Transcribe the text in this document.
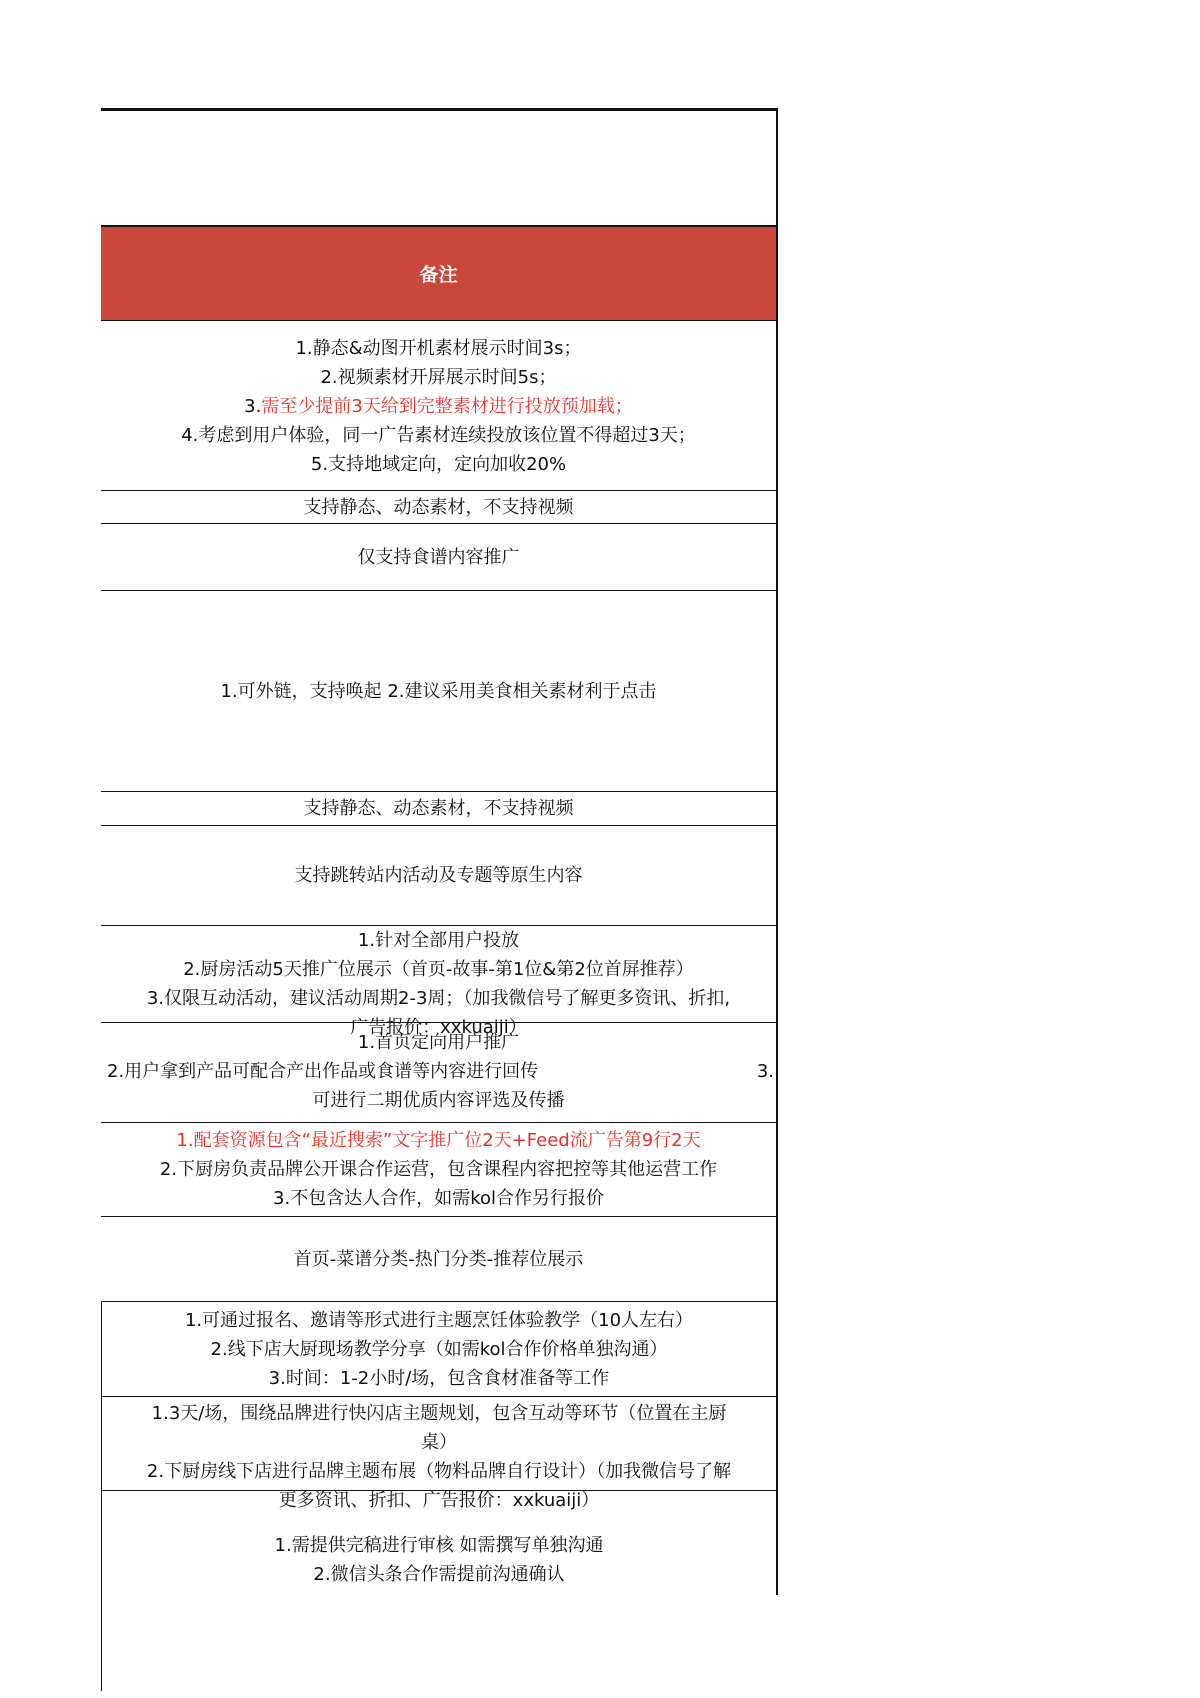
备注
1.静态&动图开机素材展示时间3s；
2.视频素材开屏展示时间5s；
3.需至少提前3天给到完整素材进行投放预加载；
4.考虑到用户体验，同一广告素材连续投放该位置不得超过3天；
5.支持地域定向，定向加收20%
支持静态、动态素材，不支持视频
仅支持食谱内容推广
1.可外链，支持唤起 2.建议采用美食相关素材利于点击
支持静态、动态素材，不支持视频
支持跳转站内活动及专题等原生内容
1.针对全部用户投放
2.厨房活动5天推广位展示（首页-故事-第1位&第2位首屏推荐）
3.仅限互动活动，建议活动周期2-3周；（加我微信号了解更多资讯、折扣,
广告报价：xxkuaiji）
1.首页定向用户推广
2.用户拿到产品可配合产出作品或食谱等内容进行回传	3.
可进行二期优质内容评选及传播
1.配套资源包含“最近搜索”文字推广位2天+Feed流广告第9行2天
2.下厨房负责品牌公开课合作运营，包含课程内容把控等其他运营工作
3.不包含达人合作，如需kol合作另行报价
首页-菜谱分类-热门分类-推荐位展示
1.可通过报名、邀请等形式进行主题烹饪体验教学（10人左右）
2.线下店大厨现场教学分享（如需kol合作价格单独沟通）
3.时间：1-2小时/场，包含食材准备等工作
1.3天/场，围绕品牌进行快闪店主题规划，包含互动等环节（位置在主厨
桌）
2.下厨房线下店进行品牌主题布展（物料品牌自行设计）（加我微信号了解
更多资讯、折扣、广告报价：xxkuaiji）
1.需提供完稿进行审核 如需撰写单独沟通
2.微信头条合作需提前沟通确认
